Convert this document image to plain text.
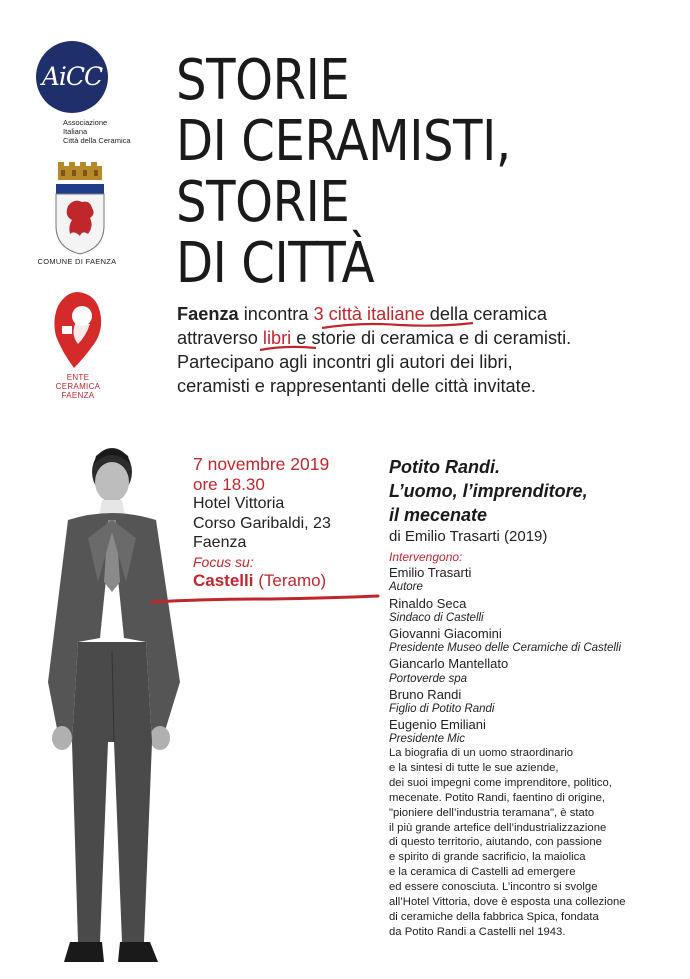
AiCC
Associazione
Italiana
Città della Ceramica
COMUNE DI FAENZA
ENTE
CERAMICA
FAENZA
STORIE
DI CERAMISTI,
STORIE
DI CITTÀ
Faenza incontra 3 città italiane della ceramica
attraverso libri e storie di ceramica e di ceramisti.
Partecipano agli incontri gli autori dei libri,
ceramisti e rappresentanti delle città invitate.
7 novembre 2019
ore 18.30
Hotel Vittoria
Corso Garibaldi, 23
Faenza
Focus su:
Castelli (Teramo)
Potito Randi.
L’uomo, l’imprenditore,
il mecenate
di Emilio Trasarti (2019)
Intervengono:
Emilio Trasarti
Autore
Rinaldo Seca
Sindaco di Castelli
Giovanni Giacomini
Presidente Museo delle Ceramiche di Castelli
Giancarlo Mantellato
Portoverde spa
Bruno Randi
Figlio di Potito Randi
Eugenio Emiliani
Presidente Mic
La biografia di un uomo straordinario
e la sintesi di tutte le sue aziende,
dei suoi impegni come imprenditore, politico,
mecenate. Potito Randi, faentino di origine,
"pioniere dell’industria teramana", è stato
il più grande artefice dell’industrializzazione
di questo territorio, aiutando, con passione
e spirito di grande sacrificio, la maiolica
e la ceramica di Castelli ad emergere
ed essere conosciuta. L’incontro si svolge
all’Hotel Vittoria, dove è esposta una collezione
di ceramiche della fabbrica Spica, fondata
da Potito Randi a Castelli nel 1943.
